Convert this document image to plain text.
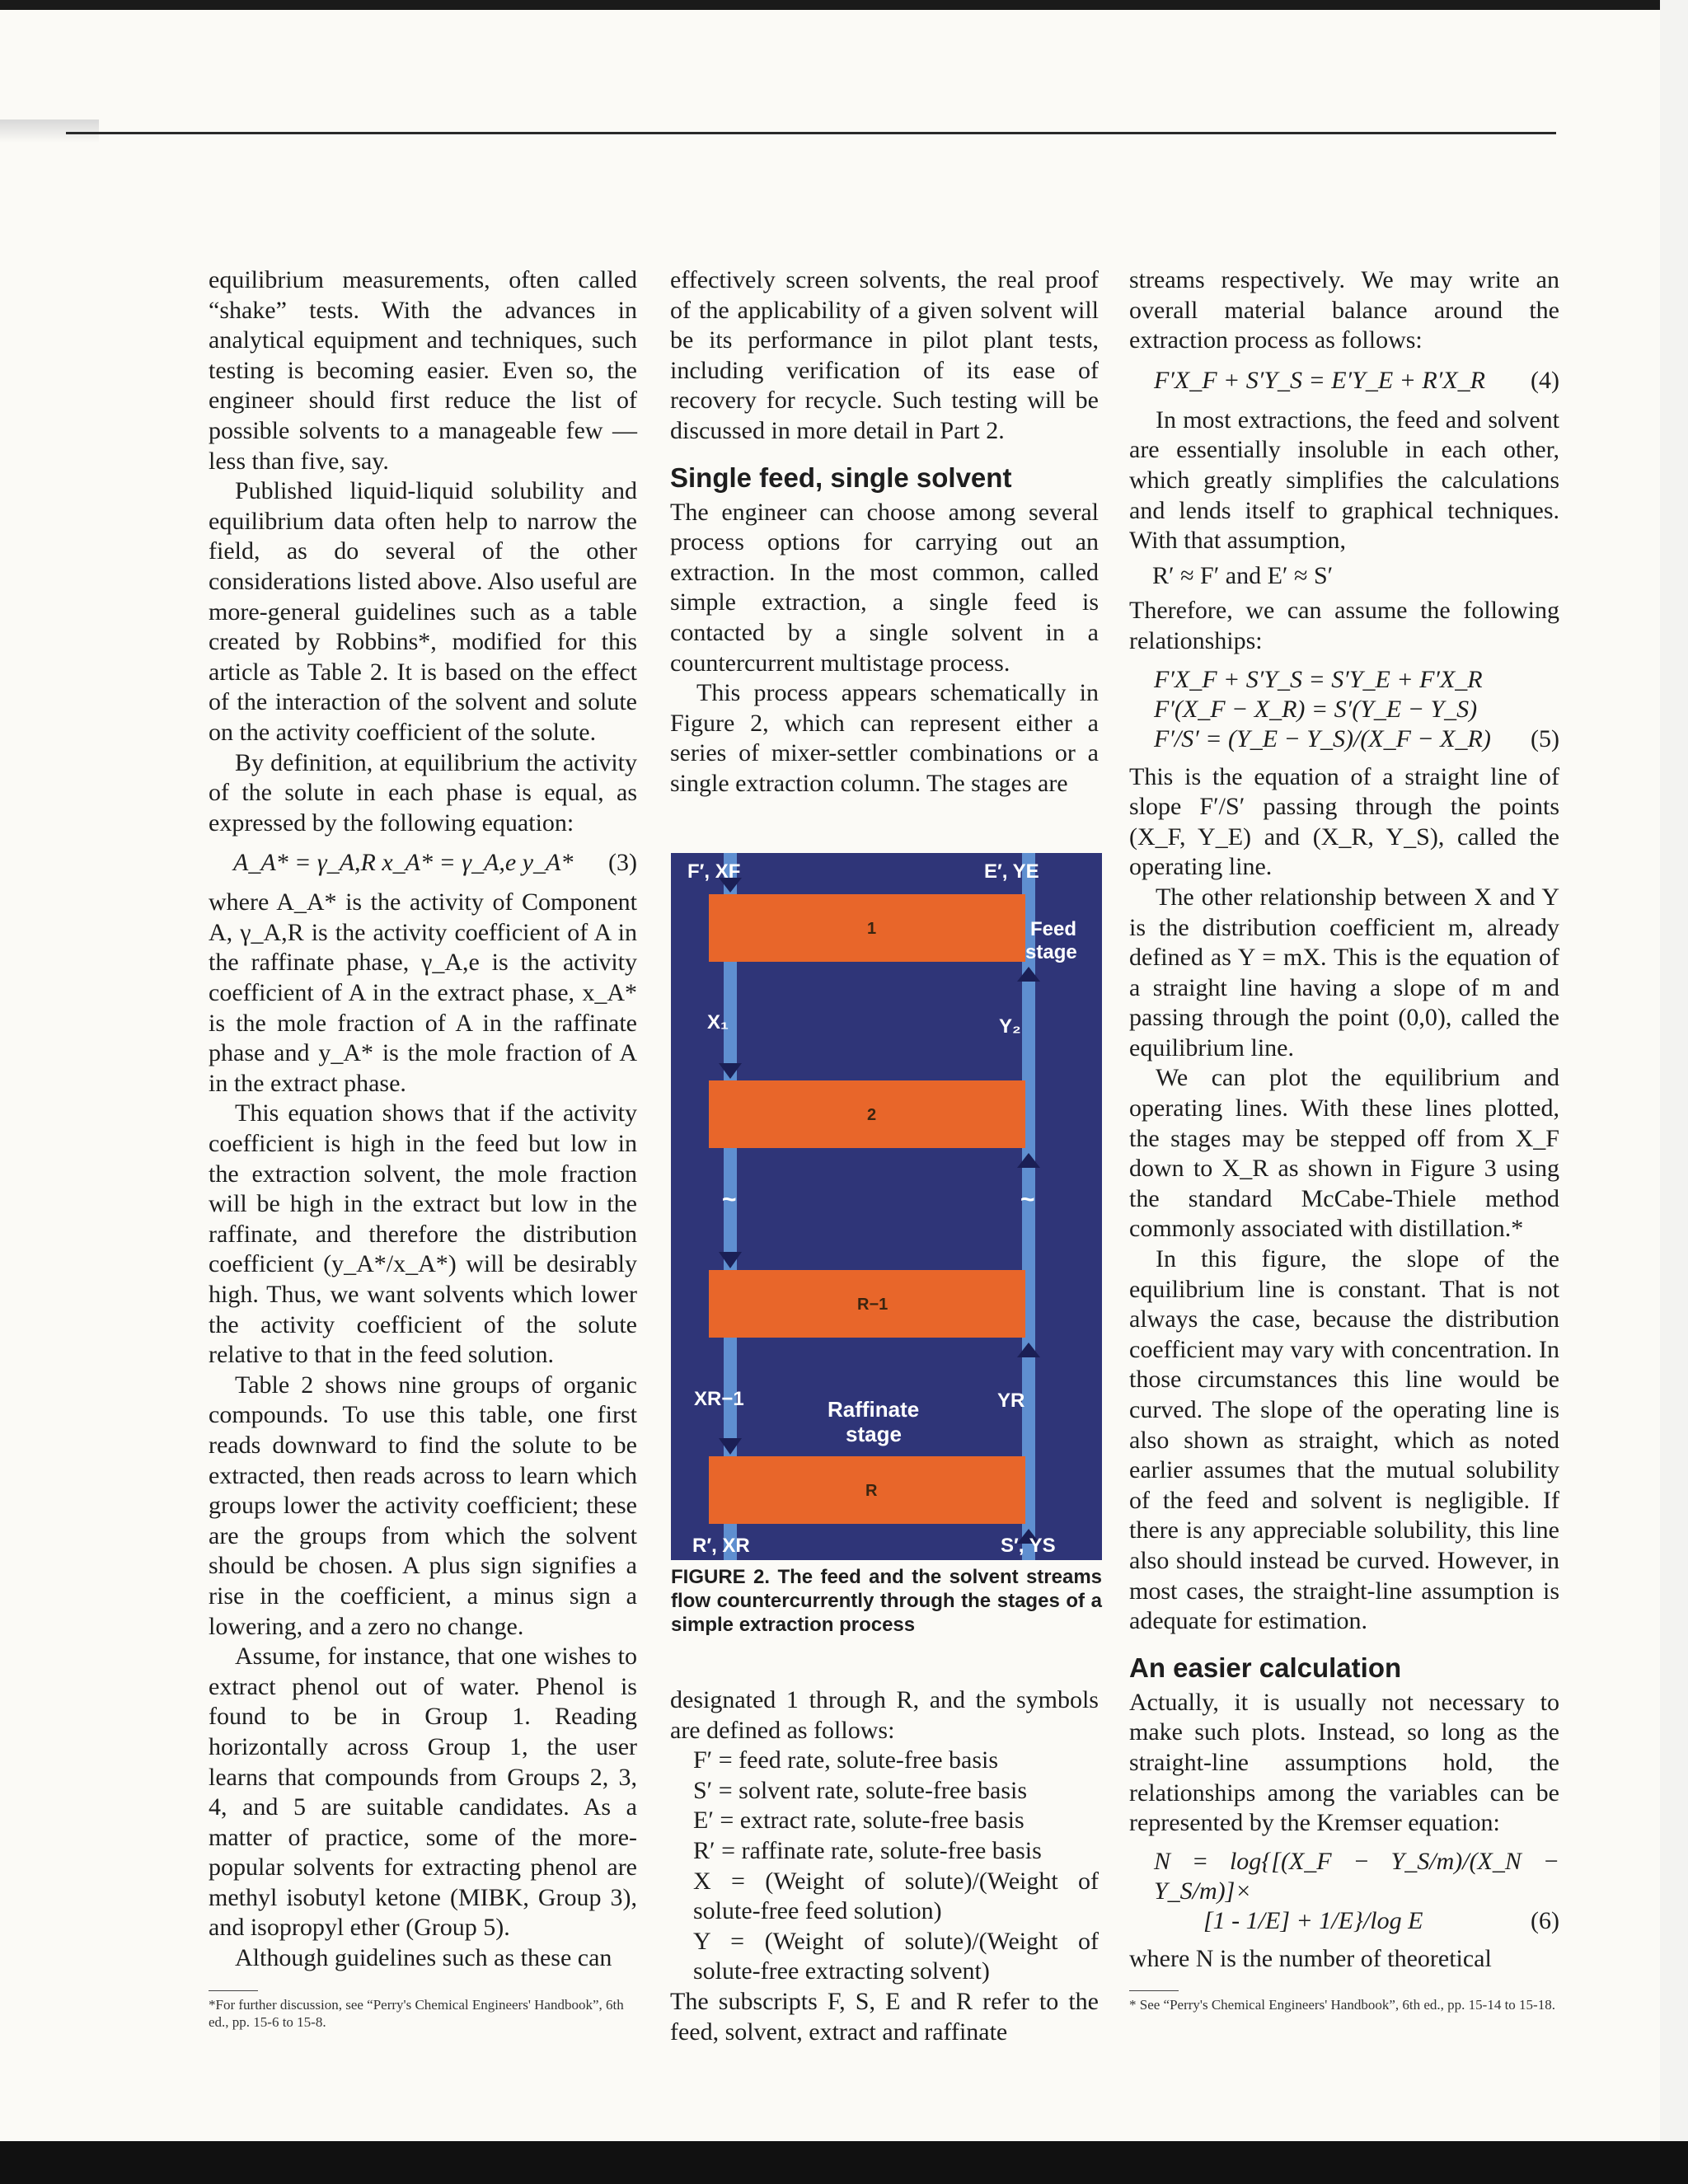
equilibrium measurements, often called “shake” tests. With the advances in analytical equipment and techniques, such testing is becoming easier. Even so, the engineer should first reduce the list of possible solvents to a manageable few — less than five, say.

Published liquid-liquid solubility and equilibrium data often help to narrow the field, as do several of the other considerations listed above. Also useful are more-general guidelines such as a table created by Robbins*, modified for this article as Table 2. It is based on the effect of the interaction of the solvent and solute on the activity coefficient of the solute.

By definition, at equilibrium the activity of the solute in each phase is equal, as expressed by the following equation:

A_A* = γ_A,R x_A* = γ_A,e y_A* (3)

where A_A* is the activity of Component A, γ_A,R is the activity coefficient of A in the raffinate phase, γ_A,e is the activity coefficient of A in the extract phase, x_A* is the mole fraction of A in the raffinate phase and y_A* is the mole fraction of A in the extract phase.

This equation shows that if the activity coefficient is high in the feed but low in the extraction solvent, the mole fraction will be high in the extract but low in the raffinate, and therefore the distribution coefficient (y_A*/x_A*) will be desirably high. Thus, we want solvents which lower the activity coefficient of the solute relative to that in the feed solution.

Table 2 shows nine groups of organic compounds. To use this table, one first reads downward to find the solute to be extracted, then reads across to learn which groups lower the activity coefficient; these are the groups from which the solvent should be chosen. A plus sign signifies a rise in the coefficient, a minus sign a lowering, and a zero no change.

Assume, for instance, that one wishes to extract phenol out of water. Phenol is found to be in Group 1. Reading horizontally across Group 1, the user learns that compounds from Groups 2, 3, 4, and 5 are suitable candidates. As a matter of practice, some of the more- popular solvents for extracting phenol are methyl isobutyl ketone (MIBK, Group 3), and isopropyl ether (Group 5).

Although guidelines such as these can

*For further discussion, see “Perry's Chemical Engineers' Handbook”, 6th ed., pp. 15-6 to 15-8.

effectively screen solvents, the real proof of the applicability of a given solvent will be its performance in pilot plant tests, including verification of its ease of recovery for recycle. Such testing will be discussed in more detail in Part 2.

Single feed, single solvent

The engineer can choose among several process options for carrying out an extraction. In the most common, called simple extraction, a single feed is contacted by a single solvent in a countercurrent multistage process.

This process appears schematically in Figure 2, which can represent either a series of mixer-settler combinations or a single extraction column. The stages are

F′, XF	E′, YE
Feed
stage
1
2
R−1
R
X₁	Y₂
XR−1	YR
Raffinate
stage
R′, XR	S′, YS
~	~
FIGURE 2. The feed and the solvent streams flow countercurrently through the stages of a simple extraction process

designated 1 through R, and the symbols are defined as follows:

F′ = feed rate, solute-free basis

S′ = solvent rate, solute-free basis

E′ = extract rate, solute-free basis

R′ = raffinate rate, solute-free basis

X = (Weight of solute)/(Weight of solute-free feed solution)

Y = (Weight of solute)/(Weight of solute-free extracting solvent)

The subscripts F, S, E and R refer to the feed, solvent, extract and raffinate

streams respectively. We may write an overall material balance around the extraction process as follows:

F′X_F + S′Y_S = E′Y_E + R′X_R (4)

In most extractions, the feed and solvent are essentially insoluble in each other, which greatly simplifies the calculations and lends itself to graphical techniques. With that assumption,

R′ ≈ F′ and E′ ≈ S′

Therefore, we can assume the following relationships:

F′X_F + S′Y_S = S′Y_E + F′X_R
F′(X_F − X_R) = S′(Y_E − Y_S)
F′/S′ = (Y_E − Y_S)/(X_F − X_R) (5)

This is the equation of a straight line of slope F′/S′ passing through the points (X_F, Y_E) and (X_R, Y_S), called the operating line.

The other relationship between X and Y is the distribution coefficient m, already defined as Y = mX. This is the equation of a straight line having a slope of m and passing through the point (0,0), called the equilibrium line.

We can plot the equilibrium and operating lines. With these lines plotted, the stages may be stepped off from X_F down to X_R as shown in Figure 3 using the standard McCabe-Thiele method commonly associated with distillation.*

In this figure, the slope of the equilibrium line is constant. That is not always the case, because the distribution coefficient may vary with concentration. In those circumstances this line would be curved. The slope of the operating line is also shown as straight, which as noted earlier assumes that the mutual solubility of the feed and solvent is negligible. If there is any appreciable solubility, this line also should instead be curved. However, in most cases, the straight-line assumption is adequate for estimation.

An easier calculation

Actually, it is usually not necessary to make such plots. Instead, so long as the straight-line assumptions hold, the relationships among the variables can be represented by the Kremser equation:

N = log{[(X_F − Y_S/m)/(X_N − Y_S/m)]×
[1 - 1/E] + 1/E}/log E	(6)

where N is the number of theoretical

* See “Perry's Chemical Engineers' Handbook”, 6th ed., pp. 15-14 to 15-18.
